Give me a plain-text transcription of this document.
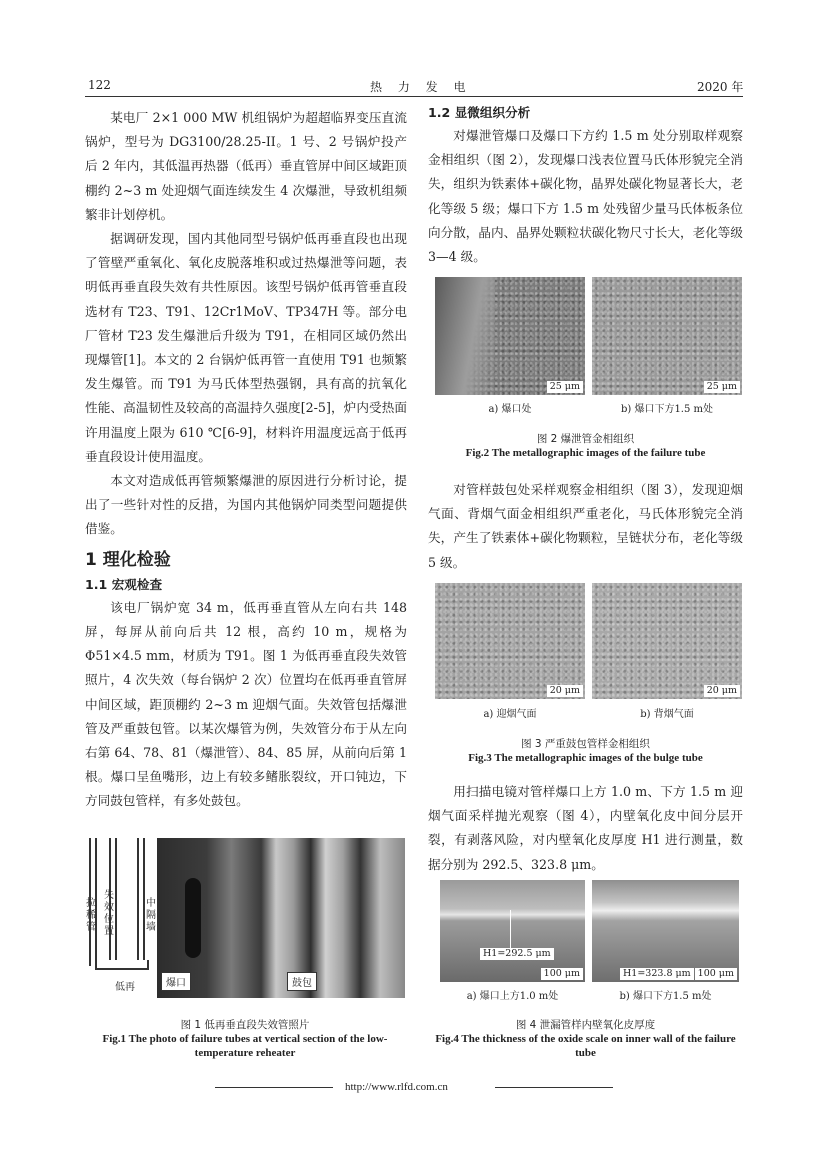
122	热 力 发 电	2020 年

某电厂 2×1 000 MW 机组锅炉为超超临界变压直流锅炉，型号为 DG3100/28.25-II。1 号、2 号锅炉投产后 2 年内，其低温再热器（低再）垂直管屏中间区域距顶棚约 2~3 m 处迎烟气面连续发生 4 次爆泄，导致机组频繁非计划停机。

据调研发现，国内其他同型号锅炉低再垂直段也出现了管壁严重氧化、氧化皮脱落堆积或过热爆泄等问题，表明低再垂直段失效有共性原因。该型号锅炉低再管垂直段选材有 T23、T91、12Cr1MoV、TP347H 等。部分电厂管材 T23 发生爆泄后升级为 T91，在相同区域仍然出现爆管[1]。本文的 2 台锅炉低再管一直使用 T91 也频繁发生爆管。而 T91 为马氏体型热强钢，具有高的抗氧化性能、高温韧性及较高的高温持久强度[2-5]，炉内受热面许用温度上限为 610 ℃[6-9]，材料许用温度远高于低再垂直段设计使用温度。

本文对造成低再管频繁爆泄的原因进行分析讨论，提出了一些针对性的反措，为国内其他锅炉同类型问题提供借鉴。

1 理化检验
1.1 宏观检查

该电厂锅炉宽 34 m，低再垂直管从左向右共 148 屏，每屏从前向后共 12 根，高约 10 m，规格为 Φ51×4.5 mm，材质为 T91。图 1 为低再垂直段失效管照片，4 次失效（每台锅炉 2 次）位置均在低再垂直管屏中间区域，距顶棚约 2~3 m 迎烟气面。失效管包括爆泄管及严重鼓包管。以某次爆管为例，失效管分布于从左向右第 64、78、81（爆泄管）、84、85 屏，从前向后第 1 根。爆口呈鱼嘴形，边上有较多鳍胀裂纹，开口钝边，下方同鼓包管样，有多处鼓包。

拉稀管
失效位置
中隔墙
低再	爆口	鼓包
图 1 低再垂直段失效管照片
Fig.1 The photo of failure tubes at vertical section of the low-temperature reheater
1.2 显微组织分析

对爆泄管爆口及爆口下方约 1.5 m 处分别取样观察金相组织（图 2），发现爆口浅表位置马氏体形貌完全消失，组织为铁素体+碳化物，晶界处碳化物显著长大，老化等级 5 级；爆口下方 1.5 m 处残留少量马氏体板条位向分散，晶内、晶界处颗粒状碳化物尺寸长大，老化等级 3—4 级。

25 μm	25 μm
a) 爆口处	b) 爆口下方1.5 m处
图 2 爆泄管金相组织
Fig.2 The metallographic images of the failure tube

对管样鼓包处采样观察金相组织（图 3），发现迎烟气面、背烟气面金相组织严重老化，马氏体形貌完全消失，产生了铁素体+碳化物颗粒，呈链状分布，老化等级 5 级。

20 μm	20 μm
a) 迎烟气面	b) 背烟气面
图 3 严重鼓包管样金相组织
Fig.3 The metallographic images of the bulge tube

用扫描电镜对管样爆口上方 1.0 m、下方 1.5 m 迎烟气面采样抛光观察（图 4），内壁氧化皮中间分层开裂，有剥落风险，对内壁氧化皮厚度 H1 进行测量，数据分别为 292.5、323.8 μm。

H1=292.5 μm
100 μm	H1=323.8 μm 100 μm
a) 爆口上方1.0 m处	b) 爆口下方1.5 m处
图 4 泄漏管样内壁氧化皮厚度
Fig.4 The thickness of the oxide scale on inner wall of the failure tube
http://www.rlfd.com.cn
